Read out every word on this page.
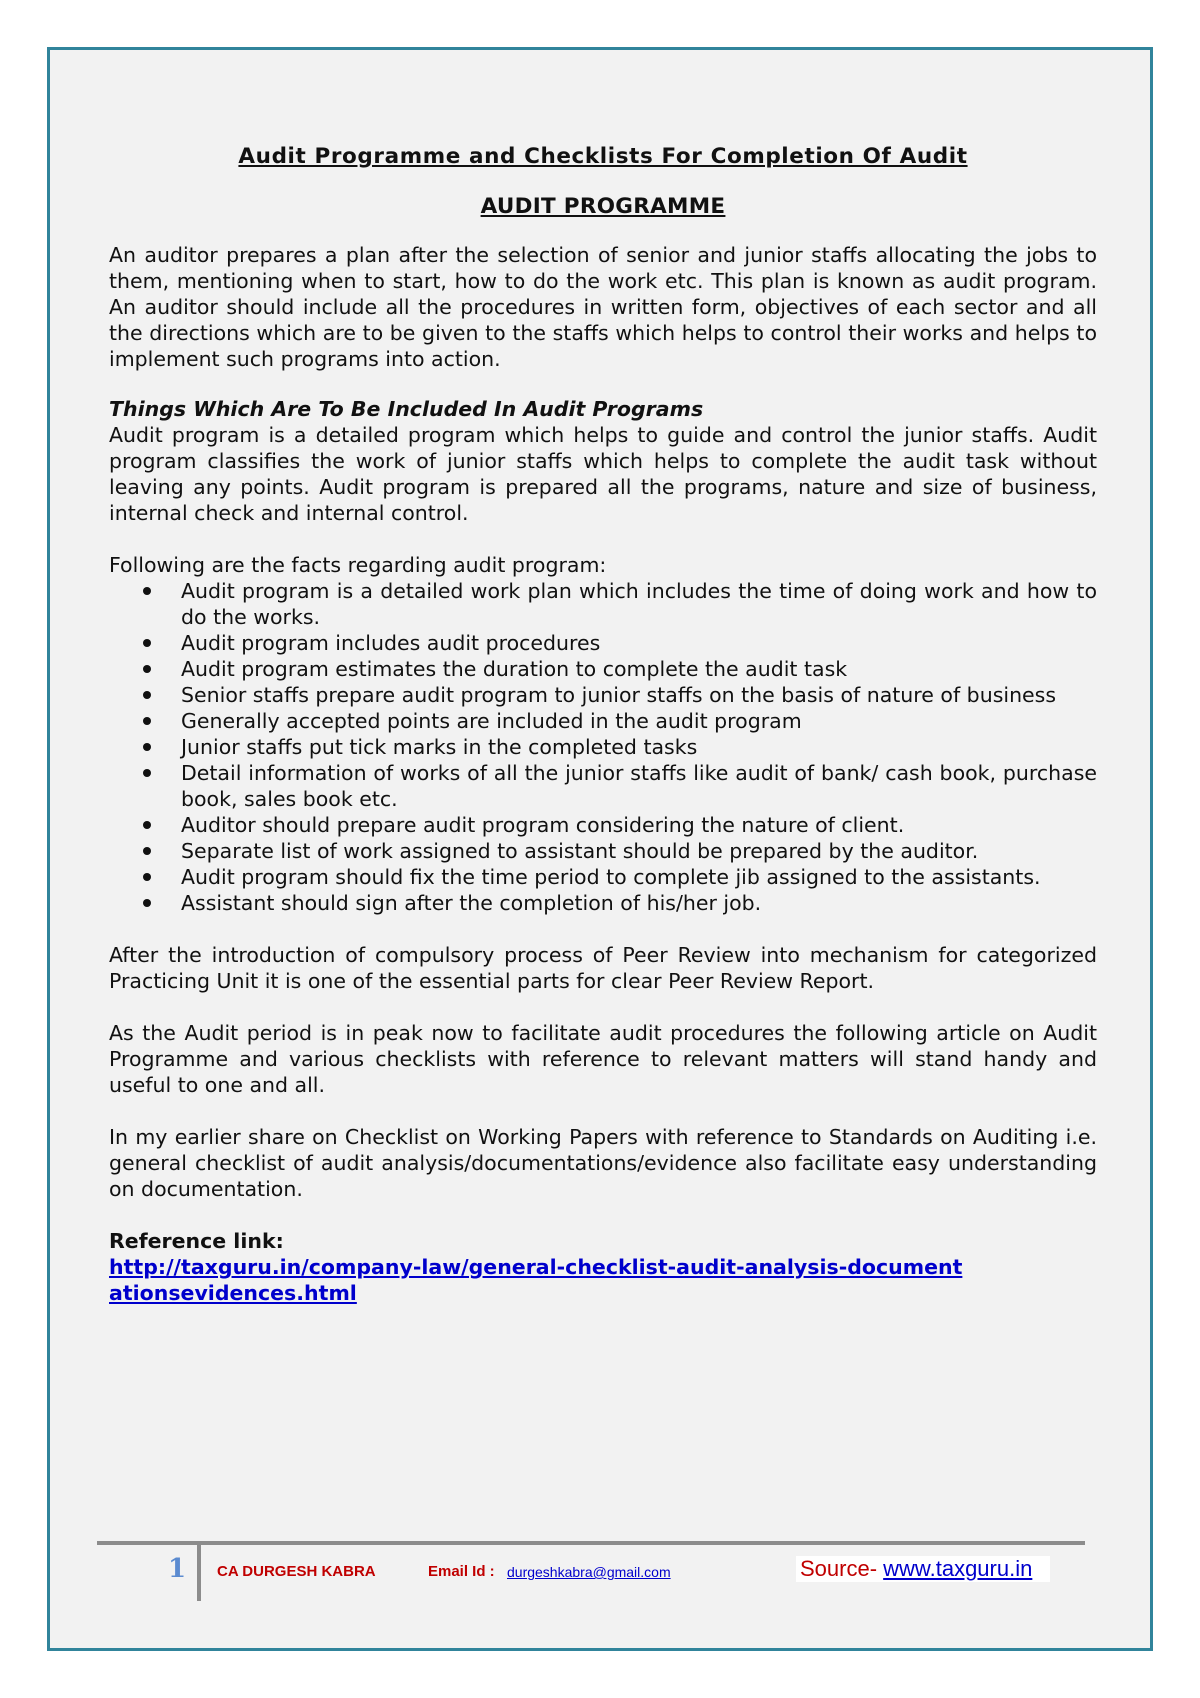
Audit Programme and Checklists For Completion Of Audit
AUDIT PROGRAMME

An auditor prepares a plan after the selection of senior and junior staffs allocating the jobs to them, mentioning when to start, how to do the work etc. This plan is known as audit program. An auditor should include all the procedures in written form, objectives of each sector and all the directions which are to be given to the staffs which helps to control their works and helps to implement such programs into action.

Things Which Are To Be Included In Audit Programs

Audit program is a detailed program which helps to guide and control the junior staffs. Audit program classifies the work of junior staffs which helps to complete the audit task without leaving any points. Audit program is prepared all the programs, nature and size of business, internal check and internal control.

Following are the facts regarding audit program:

Audit program is a detailed work plan which includes the time of doing work and how to do the works.
Audit program includes audit procedures
Audit program estimates the duration to complete the audit task
Senior staffs prepare audit program to junior staffs on the basis of nature of business
Generally accepted points are included in the audit program
Junior staffs put tick marks in the completed tasks
Detail information of works of all the junior staffs like audit of bank/ cash book, purchase book, sales book etc.
Auditor should prepare audit program considering the nature of client.
Separate list of work assigned to assistant should be prepared by the auditor.
Audit program should fix the time period to complete jib assigned to the assistants.
Assistant should sign after the completion of his/her job.

After the introduction of compulsory process of Peer Review into mechanism for categorized Practicing Unit it is one of the essential parts for clear Peer Review Report.

As the Audit period is in peak now to facilitate audit procedures the following article on Audit Programme and various checklists with reference to relevant matters will stand handy and useful to one and all.

In my earlier share on Checklist on Working Papers with reference to Standards on Auditing i.e. general checklist of audit analysis/documentations/evidence also facilitate easy understanding on documentation.

Reference link:

http://taxguru.in/company-law/general-checklist-audit-analysis-documentationsevidences.html
1 CA DURGESH KABRA	Email Id : durgeshkabra@gmail.com	Source- www.taxguru.in
